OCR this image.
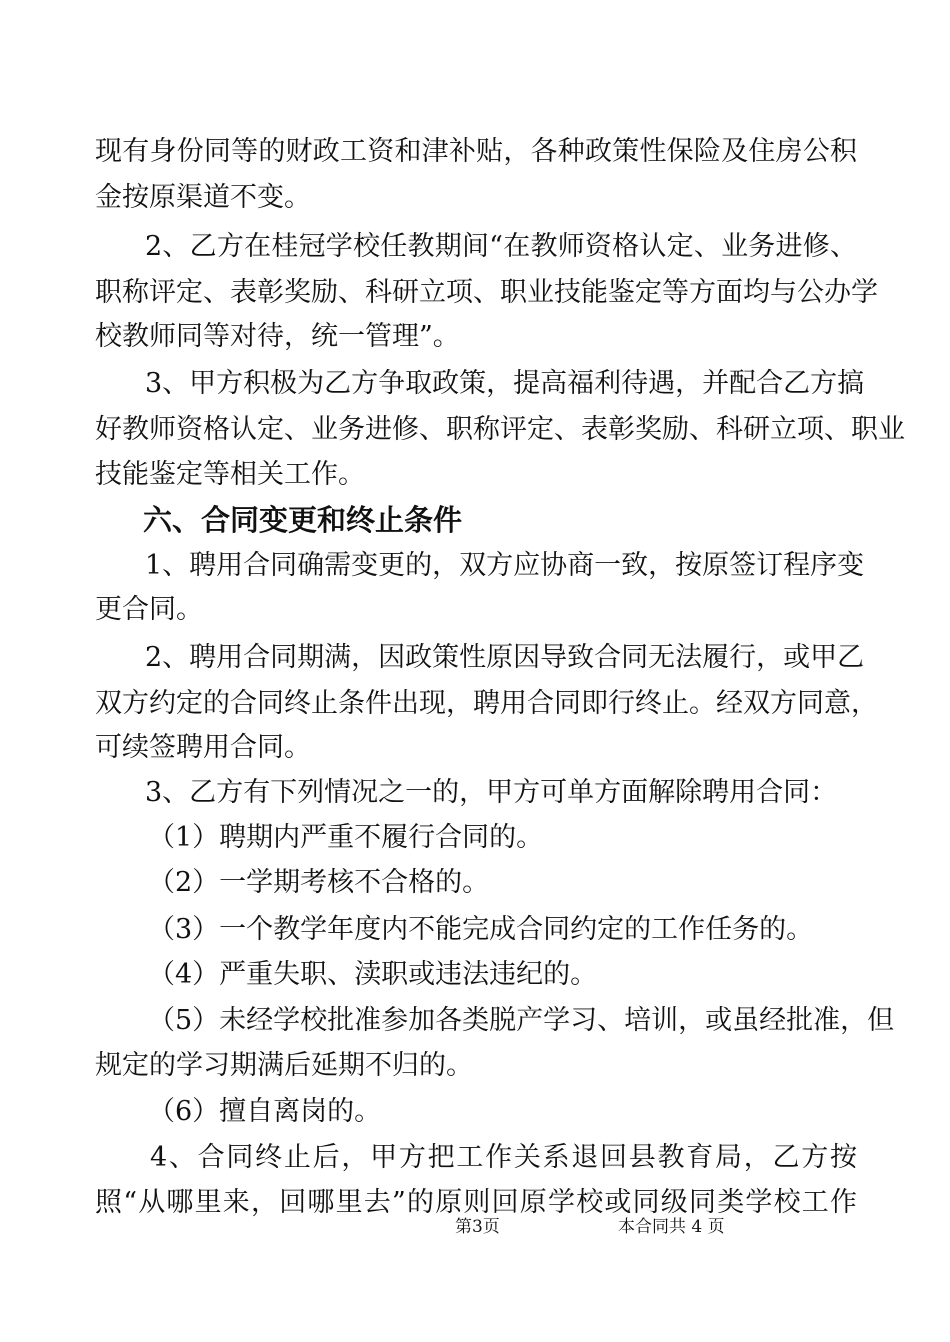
现有身份同等的财政工资和津补贴，各种政策性保险及住房公积
金按原渠道不变。
2、乙方在桂冠学校任教期间“在教师资格认定、业务进修、
职称评定、表彰奖励、科研立项、职业技能鉴定等方面均与公办学
校教师同等对待，统一管理”。
3、甲方积极为乙方争取政策，提高福利待遇，并配合乙方搞
好教师资格认定、业务进修、职称评定、表彰奖励、科研立项、职业
技能鉴定等相关工作。
六、合同变更和终止条件
1、聘用合同确需变更的，双方应协商一致，按原签订程序变
更合同。
2、聘用合同期满，因政策性原因导致合同无法履行，或甲乙
双方约定的合同终止条件出现，聘用合同即行终止。经双方同意，
可续签聘用合同。
3、乙方有下列情况之一的，甲方可单方面解除聘用合同：
（1）聘期内严重不履行合同的。
（2）一学期考核不合格的。
（3）一个教学年度内不能完成合同约定的工作任务的。
（4）严重失职、渎职或违法违纪的。
（5）未经学校批准参加各类脱产学习、培训，或虽经批准，但
规定的学习期满后延期不归的。
（6）擅自离岗的。
4、合同终止后，甲方把工作关系退回县教育局，乙方按
照“从哪里来，回哪里去”的原则回原学校或同级同类学校工作
第3页	本合同共 4 页
